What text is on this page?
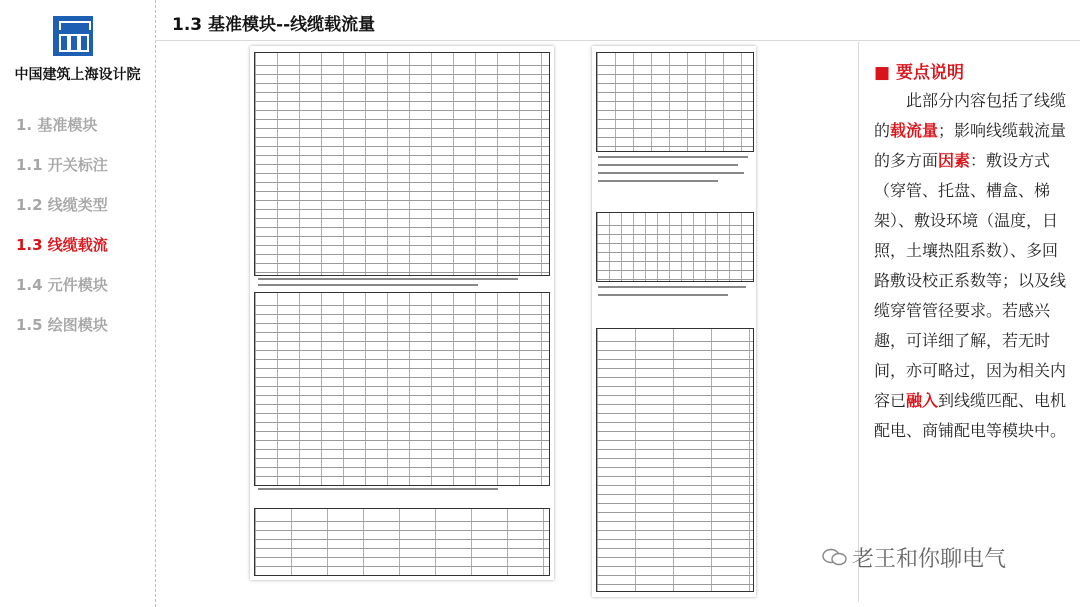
中国建筑上海设计院
1. 基准模块
1.1 开关标注
1.2 线缆类型
1.3 线缆载流
1.4 元件模块
1.5 绘图模块
1.3 基准模块--线缆载流量
■ 要点说明
  此部分内容包括了线缆的载流量；影响线缆载流量的多方面因素：敷设方式（穿管、托盘、槽盒、梯架）、敷设环境（温度，日照，土壤热阻系数）、多回路敷设校正系数等；以及线缆穿管管径要求。若感兴趣，可详细了解，若无时间，亦可略过，因为相关内容已融入到线缆匹配、电机配电、商铺配电等模块中。
老王和你聊电气
